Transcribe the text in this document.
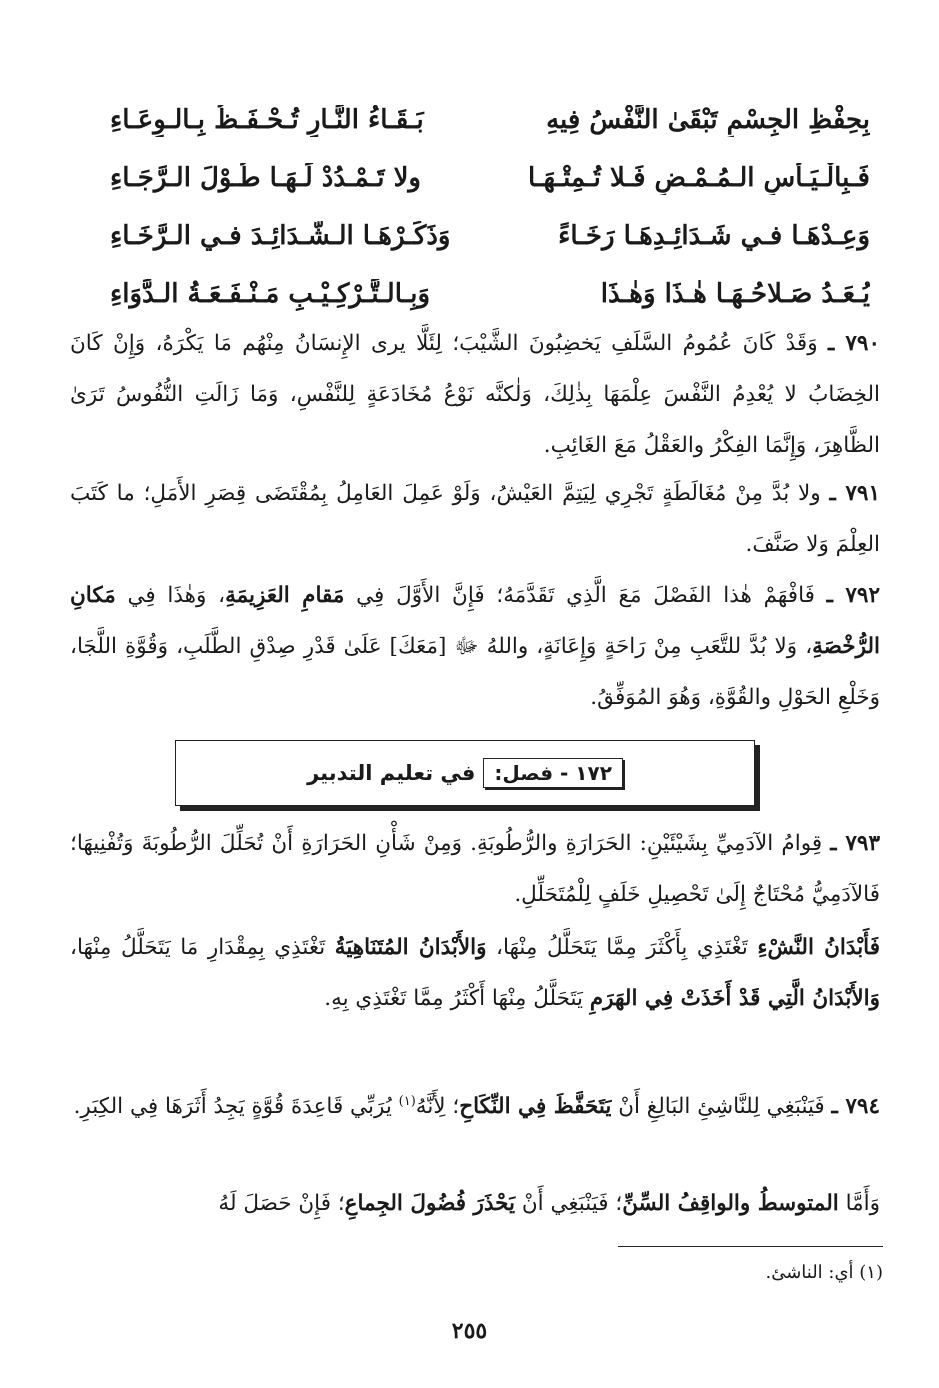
بِحِفْظِ الجِسْمِ تَبْقَىٰ النَّفْسُ فِيهِ
بَـقَـاءُ النَّـارِ تُـحْـفَـظُ بِـالـوِعَـاءِ
فَـبِالْـيَـأْسِ الـمُـمْـضِ فَـلا تُـمِتْـهَـا
ولا تَـمْـدُدْ لَـهَـا طُـوْلَ الـرَّجَـاءِ
وَعِـدْهَـا فـي شَـدَائِـدِهَـا رَخَـاءً
وَذَكِّـرْهَـا الـشَّـدَائِـدَ فـي الـرَّخَـاءِ
يُـعَـدُ صَـلاحُـهَـا هٰـذَا وَهٰـذَا
وَبِـالـتَّـرْكِـيْـبِ مَـنْـفَـعَـةُ الـدَّوَاءِ

٧٩٠ ـ وَقَدْ كَانَ عُمُومُ السَّلَفِ يَخضِبُونَ الشَّيْبَ؛ لِئَلَّا يرى الإِنسَانُ مِنْهُم مَا يَكْرَهُ، وَإِنْ كَانَ الخِضَابُ لا يُعْدِمُ النَّفْسَ عِلْمَهَا بِذٰلِكَ، وَلٰكنَّه نَوْعُ مُخَادَعَةٍ لِلنَّفْسِ، وَمَا زَالَتِ النُّفُوسُ تَرَىٰ الظَّاهِرَ، وَإِنَّمَا الفِكْرُ والعَقْلُ مَعَ الغَائِبِ.

٧٩١ ـ ولا بُدَّ مِنْ مُغَالَطَةٍ تَجْرِي لِيَتِمَّ العَيْشُ، وَلَوْ عَمِلَ العَامِلُ بِمُقْتَضَى قِصَرِ الأَمَلِ؛ ما كَتَبَ العِلْمَ وَلا صَنَّفَ.

٧٩٢ ـ فَافْهَمْ هٰذا الفَصْلَ مَعَ الَّذِي تَقَدَّمَهُ؛ فَإِنَّ الأَوَّلَ فِي مَقامِ العَزِيمَةِ، وَهٰذَا فِي مَكانِ الرُّخْصَةِ، وَلا بُدَّ للتَّعَبِ مِنْ رَاحَةٍ وَإِعَانَةٍ، واللهُ ﷻ [مَعَكَ] عَلَىٰ قَدْرِ صِدْقِ الطَّلَبِ، وَقُوَّةِ اللَّجَا، وَخَلْعِ الحَوْلِ والقُوَّةِ، وَهُوَ المُوَفِّقُ.

١٧٢ - فصل:
في تعليم التدبير

٧٩٣ ـ قِوامُ الآدَمِيِّ بِشَيْئَيْنِ: الحَرَارَةِ والرُّطُوبَةِ. وَمِنْ شَأْنِ الحَرَارَةِ أَنْ تُحَلِّلَ الرُّطُوبَةَ وَتُفْنِيهَا؛ فَالآدَمِيُّ مُحْتَاجٌ إِلَىٰ تَحْصِيلِ خَلَفٍ لِلْمُتَحَلِّلِ.

فَأَبْدَانُ النَّشْءِ تَغْتَذِي بِأَكْثَرَ مِمَّا يَتَحَلَّلُ مِنْهَا، وَالأَبْدَانُ المُتَنَاهِيَةُ تَغْتَذِي بِمِقْدَارِ مَا يَتَحَلَّلُ مِنْهَا، وَالأَبْدَانُ الَّتِي قَدْ أَخَذَتْ فِي الهَرَمِ يَتَحَلَّلُ مِنْهَا أَكْثَرُ مِمَّا تَغْتَذِي بِهِ.

٧٩٤ ـ فَيَنْبَغِي لِلنَّاشِئِ البَالِغِ أَنْ يَتَحَفَّظَ فِي النِّكَاحِ؛ لِأَنَّهُ$^{(١)}$ يُرَبِّي قَاعِدَةَ قُوَّةٍ يَجِدُ أَثَرَهَا فِي الكِبَرِ.

وَأَمَّا المتوسطُ والواقِفُ السِّنِّ؛ فَيَنْبَغِي أَنْ يَحْذَرَ فُضُولَ الجِماعِ؛ فَإِنْ حَصَلَ لَهُ

(١) أي: الناشئ.
٢٥٥
